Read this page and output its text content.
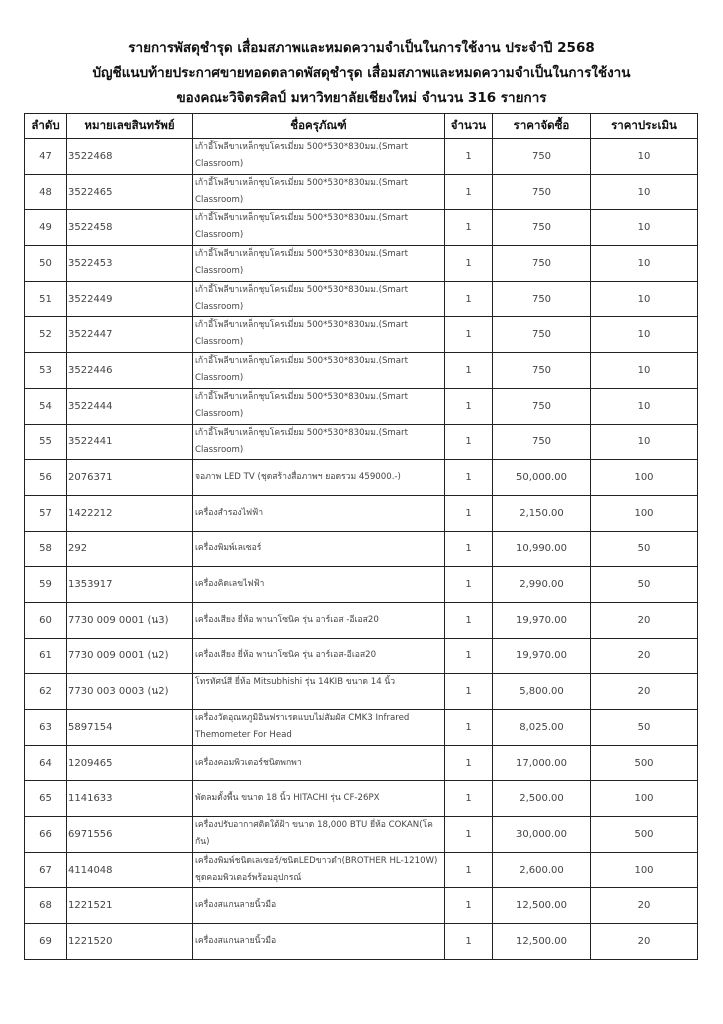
รายการพัสดุชำรุด เสื่อมสภาพและหมดความจำเป็นในการใช้งาน ประจำปี 2568
บัญชีแนบท้ายประกาศขายทอดตลาดพัสดุชำรุด เสื่อมสภาพและหมดความจำเป็นในการใช้งาน
ของคณะวิจิตรศิลป์ มหาวิทยาลัยเชียงใหม่ จำนวน 316 รายการ
ลำดับ	หมายเลขสินทรัพย์	ชื่อครุภัณฑ์	จำนวน	ราคาจัดซื้อ	ราคาประเมิน
47	3522468	เก้าอี้โพลีขาเหล็กชุบโครเมี่ยม 500*530*830มม.(Smart Classroom)	1	750	10
48	3522465	เก้าอี้โพลีขาเหล็กชุบโครเมี่ยม 500*530*830มม.(Smart Classroom)	1	750	10
49	3522458	เก้าอี้โพลีขาเหล็กชุบโครเมี่ยม 500*530*830มม.(Smart Classroom)	1	750	10
50	3522453	เก้าอี้โพลีขาเหล็กชุบโครเมี่ยม 500*530*830มม.(Smart Classroom)	1	750	10
51	3522449	เก้าอี้โพลีขาเหล็กชุบโครเมี่ยม 500*530*830มม.(Smart Classroom)	1	750	10
52	3522447	เก้าอี้โพลีขาเหล็กชุบโครเมี่ยม 500*530*830มม.(Smart Classroom)	1	750	10
53	3522446	เก้าอี้โพลีขาเหล็กชุบโครเมี่ยม 500*530*830มม.(Smart Classroom)	1	750	10
54	3522444	เก้าอี้โพลีขาเหล็กชุบโครเมี่ยม 500*530*830มม.(Smart Classroom)	1	750	10
55	3522441	เก้าอี้โพลีขาเหล็กชุบโครเมี่ยม 500*530*830มม.(Smart Classroom)	1	750	10
56	2076371	จอภาพ LED TV (ชุดสร้างสื่อภาพฯ ยอดรวม 459000.-)	1	50,000.00	100
57	1422212	เครื่องสำรองไฟฟ้า	1	2,150.00	100
58	292	เครื่องพิมพ์เลเซอร์	1	10,990.00	50
59	1353917	เครื่องคิดเลขไฟฟ้า	1	2,990.00	50
60	7730 009 0001 (น3)	เครื่องเสียง ยี่ห้อ พานาโซนิค รุ่น อาร์เอส -อีเอส20	1	19,970.00	20
61	7730 009 0001 (น2)	เครื่องเสียง ยี่ห้อ พานาโซนิค รุ่น อาร์เอส-อีเอส20	1	19,970.00	20
62	7730 003 0003 (น2)	โทรทัศน์สี ยี่ห้อ Mitsubhishi รุ่น 14KIB ขนาด 14 นิ้ว	1	5,800.00	20
63	5897154	เครื่องวัดอุณหภูมิอินฟราเรดแบบไม่สัมผัส CMK3 Infrared Themometer For Head	1	8,025.00	50
64	1209465	เครื่องคอมพิวเตอร์ชนิดพกพา	1	17,000.00	500
65	1141633	พัดลมตั้งพื้น ขนาด 18 นิ้ว HITACHI รุ่น CF-26PX	1	2,500.00	100
66	6971556	เครื่องปรับอากาศติดใต้ฝ้า ขนาด 18,000 BTU ยี่ห้อ COKAN(โคกัน)	1	30,000.00	500
67	4114048	เครื่องพิมพ์ชนิดเลเซอร์/ชนิดLEDขาวดำ(BROTHER HL-1210W) ชุดคอมพิวเตอร์พร้อมอุปกรณ์	1	2,600.00	100
68	1221521	เครื่องสแกนลายนิ้วมือ	1	12,500.00	20
69	1221520	เครื่องสแกนลายนิ้วมือ	1	12,500.00	20
